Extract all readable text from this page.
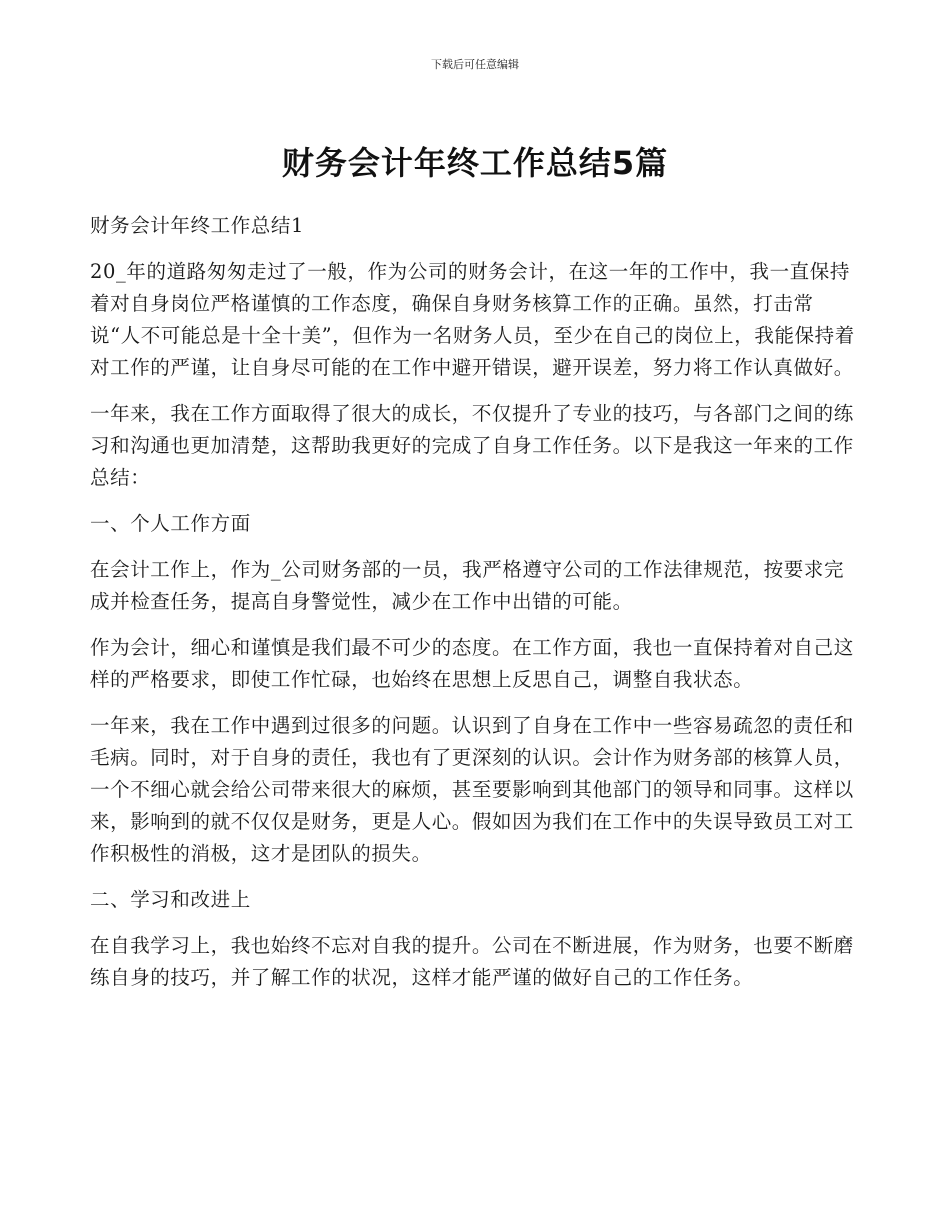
下载后可任意编辑
财务会计年终工作总结5篇

财务会计年终工作总结1

20_年的道路匆匆走过了一般，作为公司的财务会计，在这一年的工作中，我一直保持着对自身岗位严格谨慎的工作态度，确保自身财务核算工作的正确。虽然，打击常说“人不可能总是十全十美”，但作为一名财务人员，至少在自己的岗位上，我能保持着对工作的严谨，让自身尽可能的在工作中避开错误，避开误差，努力将工作认真做好。

一年来，我在工作方面取得了很大的成长，不仅提升了专业的技巧，与各部门之间的练习和沟通也更加清楚，这帮助我更好的完成了自身工作任务。以下是我这一年来的工作总结：

一、个人工作方面

在会计工作上，作为_公司财务部的一员，我严格遵守公司的工作法律规范，按要求完成并检查任务，提高自身警觉性，减少在工作中出错的可能。

作为会计，细心和谨慎是我们最不可少的态度。在工作方面，我也一直保持着对自己这样的严格要求，即使工作忙碌，也始终在思想上反思自己，调整自我状态。

一年来，我在工作中遇到过很多的问题。认识到了自身在工作中一些容易疏忽的责任和毛病。同时，对于自身的责任，我也有了更深刻的认识。会计作为财务部的核算人员，一个不细心就会给公司带来很大的麻烦，甚至要影响到其他部门的领导和同事。这样以来，影响到的就不仅仅是财务，更是人心。假如因为我们在工作中的失误导致员工对工作积极性的消极，这才是团队的损失。

二、学习和改进上

在自我学习上，我也始终不忘对自我的提升。公司在不断进展，作为财务，也要不断磨练自身的技巧，并了解工作的状况，这样才能严谨的做好自己的工作任务。
